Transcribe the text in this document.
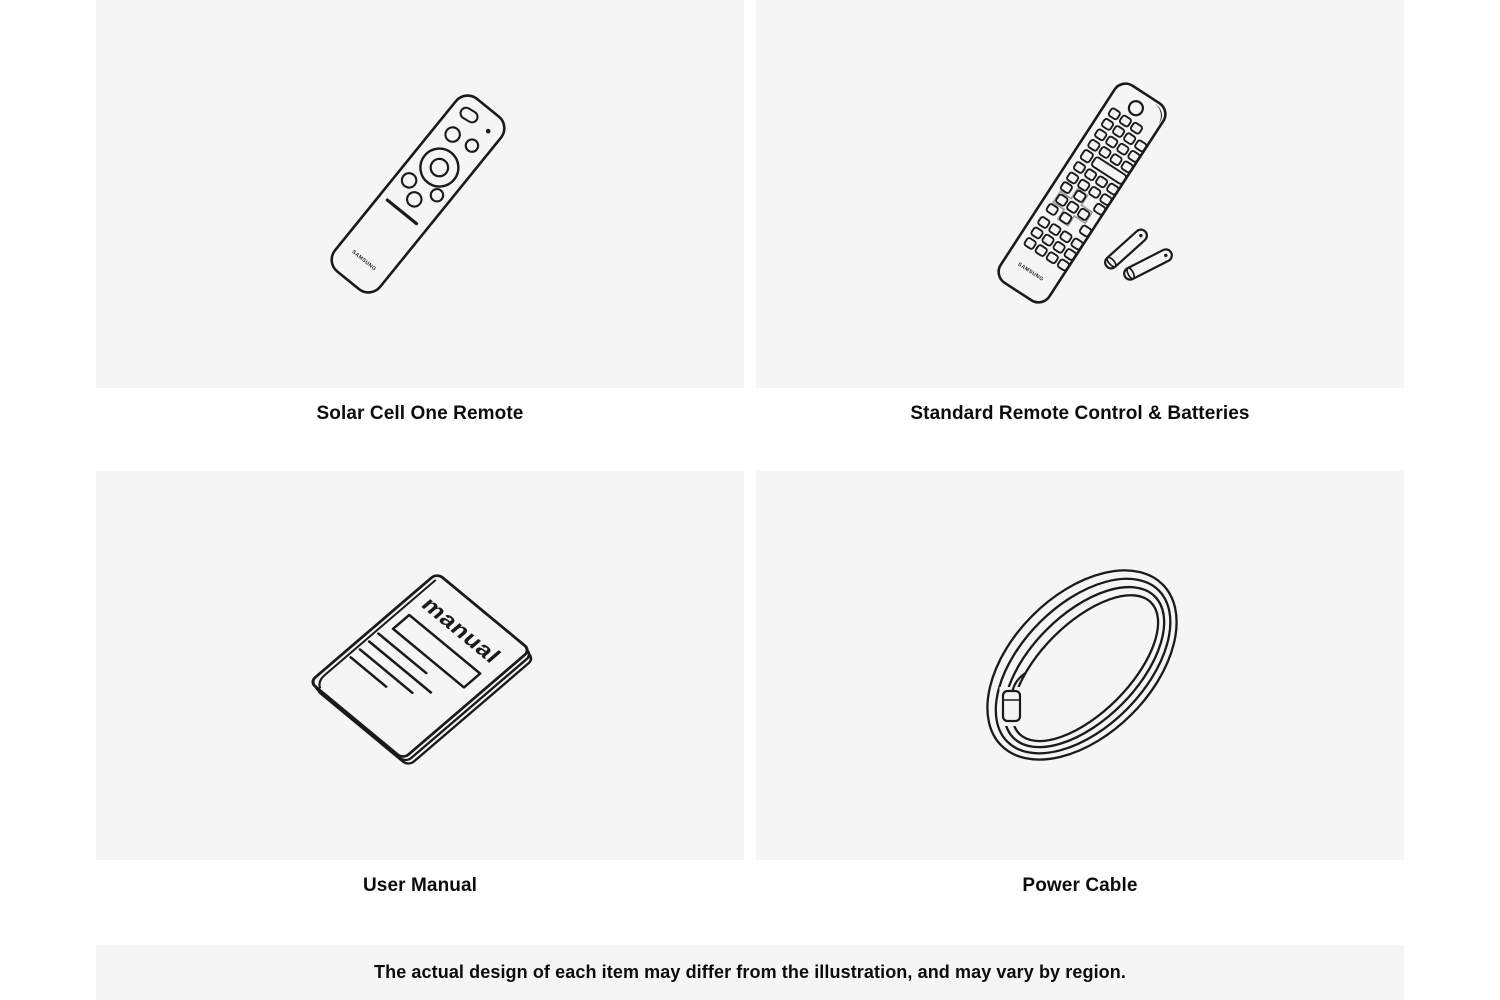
SAMSUNG	SAMSUNG
manual
Solar Cell One Remote	Standard Remote Control & Batteries
User Manual	Power Cable
The actual design of each item may differ from the illustration, and may vary by region.
